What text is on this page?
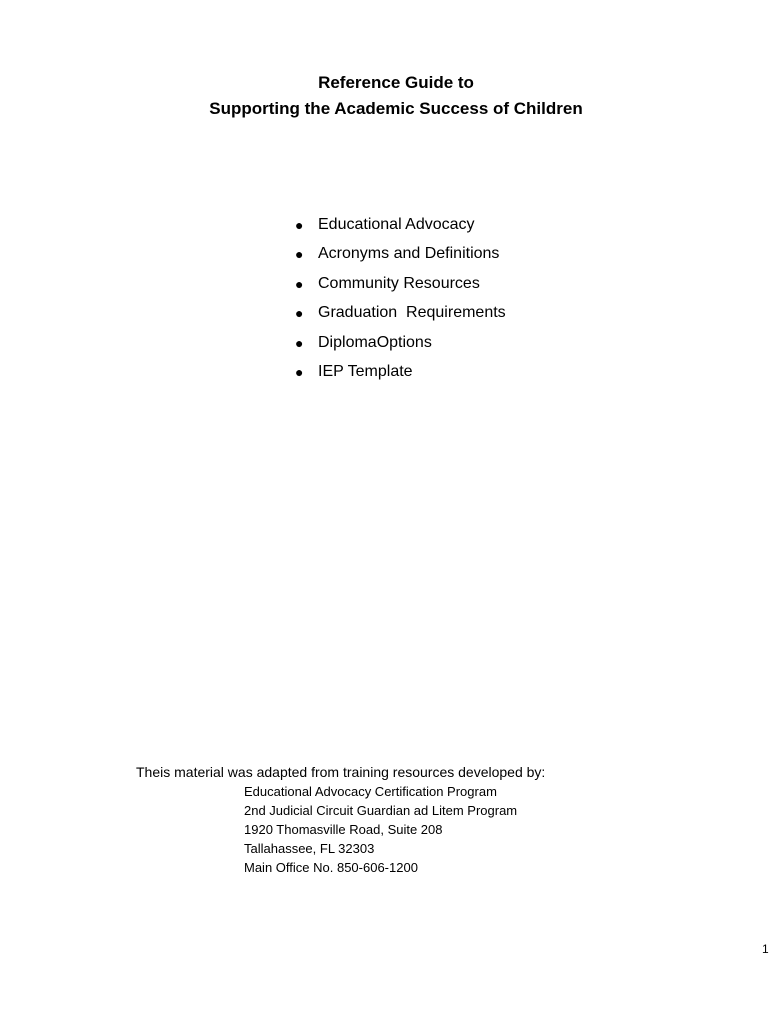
Reference Guide to
Supporting the Academic Success of Children
● Educational Advocacy
● Acronyms and Definitions
● Community Resources
● Graduation  Requirements
● DiplomaOptions
● IEP Template
Theis material was adapted from training resources developed by:
Educational Advocacy Certification Program
2nd Judicial Circuit Guardian ad Litem Program
1920 Thomasville Road, Suite 208
Tallahassee, FL 32303
Main Office No. 850-606-1200
1
